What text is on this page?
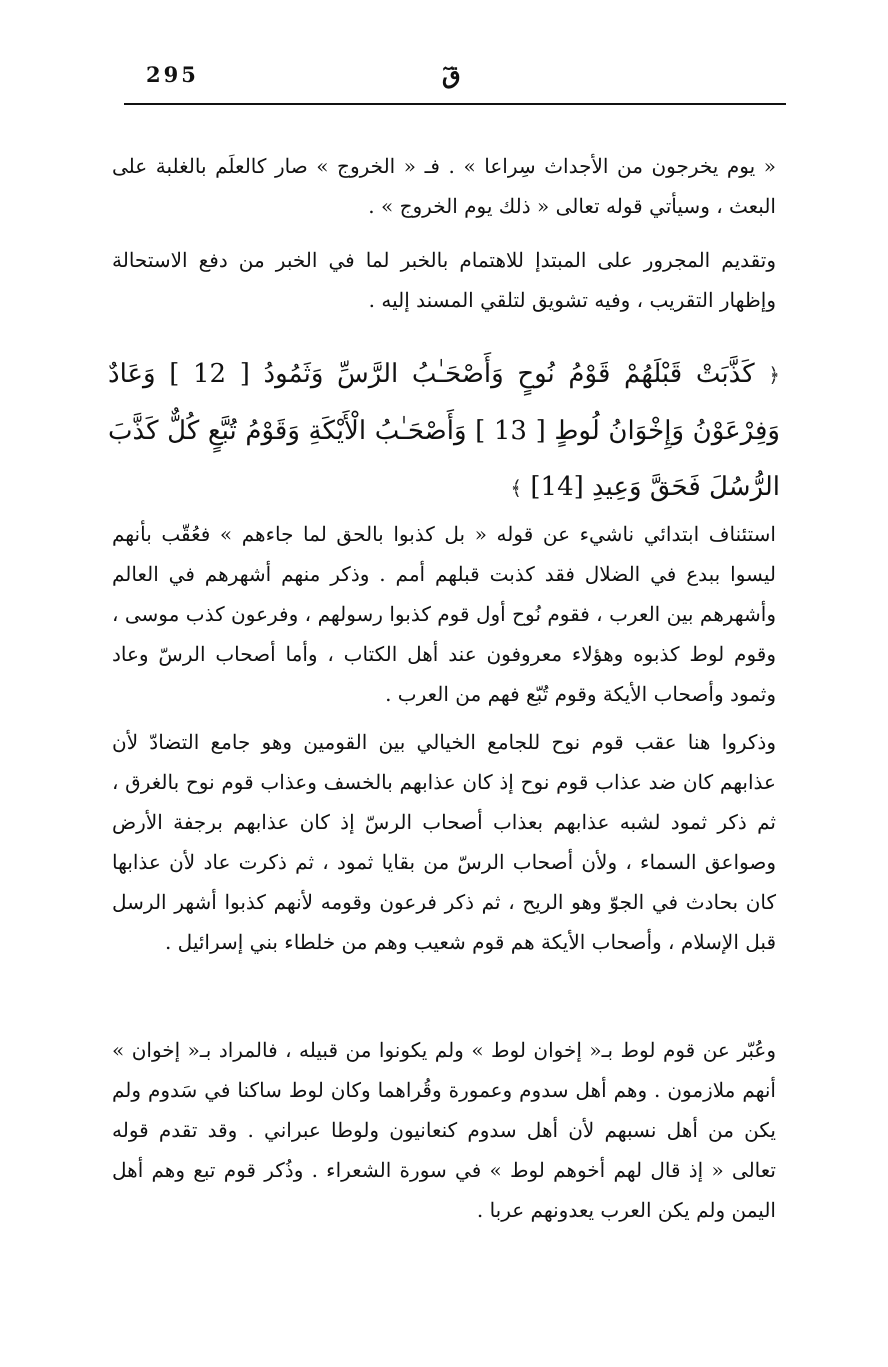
295	قٓ

« يوم يخرجون من الأجداث سِراعا » . فـ « الخروج » صار كالعلَم بالغلبة على البعث ، وسيأتي قوله تعالى « ذلك يوم الخروج » .

وتقديم المجرور على المبتدإ للاهتمام بالخبر لما في الخبر من دفع الاستحالة وإظهار التقريب ، وفيه تشويق لتلقي المسند إليه .

﴿ كَذَّبَتْ قَبْلَهُمْ قَوْمُ نُوحٍ وَأَصْحَـٰبُ الرَّسِّ وَثَمُودُ [ 12 ] وَعَادٌ وَفِرْعَوْنُ وَإِخْوَانُ لُوطٍ [ 13 ] وَأَصْحَـٰبُ الْأَيْكَةِ وَقَوْمُ تُبَّعٍ كُلٌّ كَذَّبَ الرُّسُلَ فَحَقَّ وَعِيدِ [14] ﴾

استئناف ابتدائي ناشيء عن قوله « بل كذبوا بالحق لما جاءهم » فعُقّب بأنهم ليسوا ببدع في الضلال فقد كذبت قبلهم أمم . وذكر منهم أشهرهم في العالم وأشهرهم بين العرب ، فقوم نُوح أول قوم كذبوا رسولهم ، وفرعون كذب موسى ، وقوم لوط كذبوه وهؤلاء معروفون عند أهل الكتاب ، وأما أصحاب الرسّ وعاد وثمود وأصحاب الأيكة وقوم تُبّع فهم من العرب .

وذكروا هنا عقب قوم نوح للجامع الخيالي بين القومين وهو جامع التضادّ لأن عذابهم كان ضد عذاب قوم نوح إذ كان عذابهم بالخسف وعذاب قوم نوح بالغرق ، ثم ذكر ثمود لشبه عذابهم بعذاب أصحاب الرسّ إذ كان عذابهم برجفة الأرض وصواعق السماء ، ولأن أصحاب الرسّ من بقايا ثمود ، ثم ذكرت عاد لأن عذابها كان بحادث في الجوّ وهو الريح ، ثم ذكر فرعون وقومه لأنهم كذبوا أشهر الرسل قبل الإسلام ، وأصحاب الأيكة هم قوم شعيب وهم من خلطاء بني إسرائيل .

وعُبّر عن قوم لوط بـ« إخوان لوط » ولم يكونوا من قبيله ، فالمراد بـ« إخوان » أنهم ملازمون . وهم أهل سدوم وعمورة وقُراهما وكان لوط ساكنا في سَدوم ولم يكن من أهل نسبهم لأن أهل سدوم كنعانيون ولوطا عبراني . وقد تقدم قوله تعالى « إذ قال لهم أخوهم لوط » في سورة الشعراء . وذُكر قوم تبع وهم أهل اليمن ولم يكن العرب يعدونهم عربا .
